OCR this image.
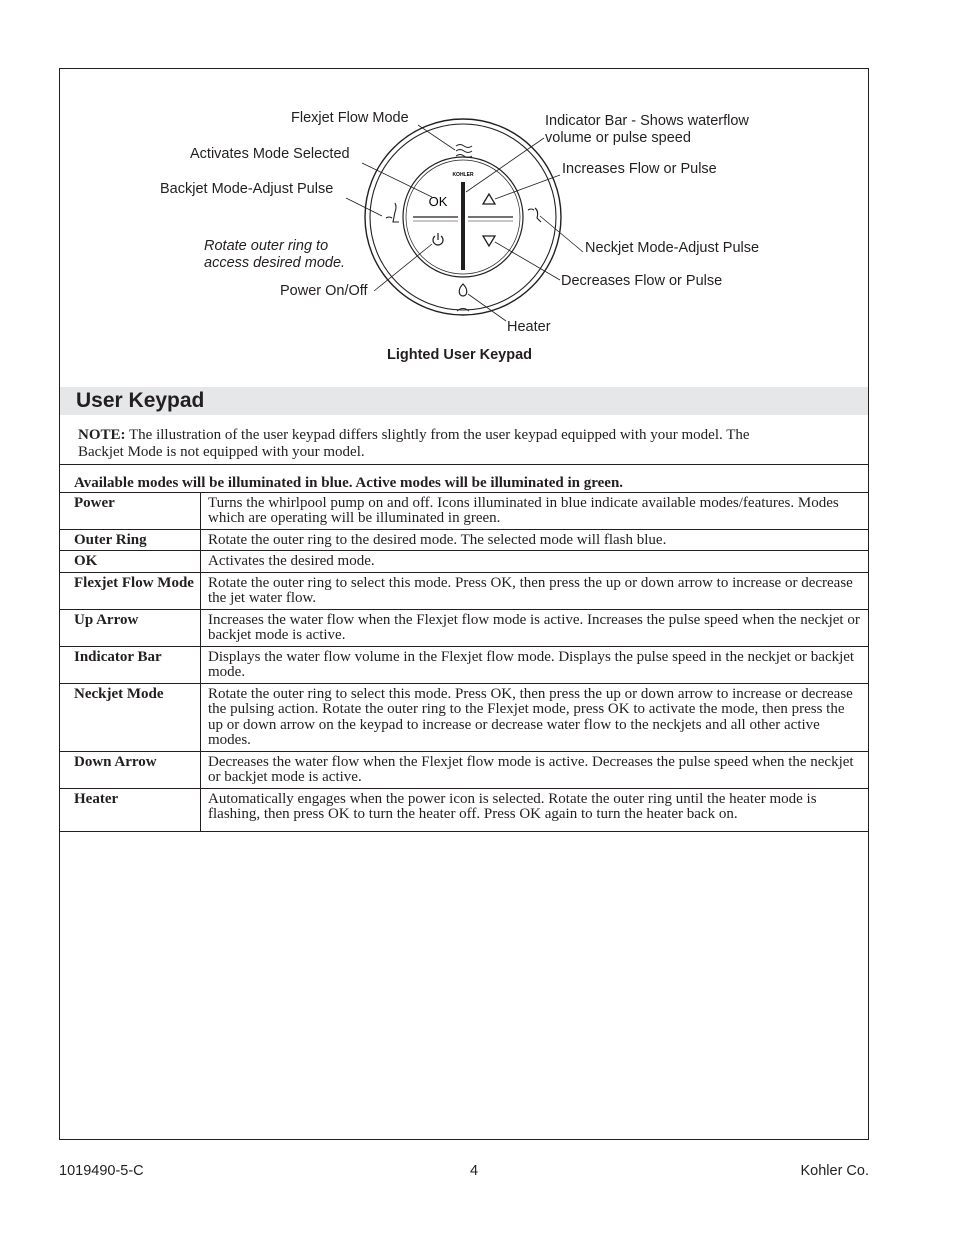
KOHLER
OK
Flexjet Flow Mode
Activates Mode Selected
Backjet Mode-Adjust Pulse
Rotate outer ring to
access desired mode.
Power On/Off
Indicator Bar - Shows waterflow
volume or pulse speed
Increases Flow or Pulse
Neckjet Mode-Adjust Pulse
Decreases Flow or Pulse
Heater
Lighted User Keypad
User Keypad
NOTE: The illustration of the user keypad differs slightly from the user keypad equipped with your model. The Backjet Mode is not equipped with your model.
Available modes will be illuminated in blue. Active modes will be illuminated in green.	
Power	Turns the whirlpool pump on and off. Icons illuminated in blue indicate available modes/features. Modes which are operating will be illuminated in green.
Outer Ring	Rotate the outer ring to the desired mode. The selected mode will flash blue.
OK	Activates the desired mode.
Flexjet Flow Mode	Rotate the outer ring to select this mode. Press OK, then press the up or down arrow to increase or decrease the jet water flow.
Up Arrow	Increases the water flow when the Flexjet flow mode is active. Increases the pulse speed when the neckjet or backjet mode is active.
Indicator Bar	Displays the water flow volume in the Flexjet flow mode. Displays the pulse speed in the neckjet or backjet mode.
Neckjet Mode	Rotate the outer ring to select this mode. Press OK, then press the up or down arrow to increase or decrease the pulsing action. Rotate the outer ring to the Flexjet mode, press OK to activate the mode, then press the up or down arrow on the keypad to increase or decrease water flow to the neckjets and all other active modes.
Down Arrow	Decreases the water flow when the Flexjet flow mode is active. Decreases the pulse speed when the neckjet or backjet mode is active.
Heater	Automatically engages when the power icon is selected. Rotate the outer ring until the heater mode is flashing, then press OK to turn the heater off. Press OK again to turn the heater back on.
1019490-5-C	4	Kohler Co.
